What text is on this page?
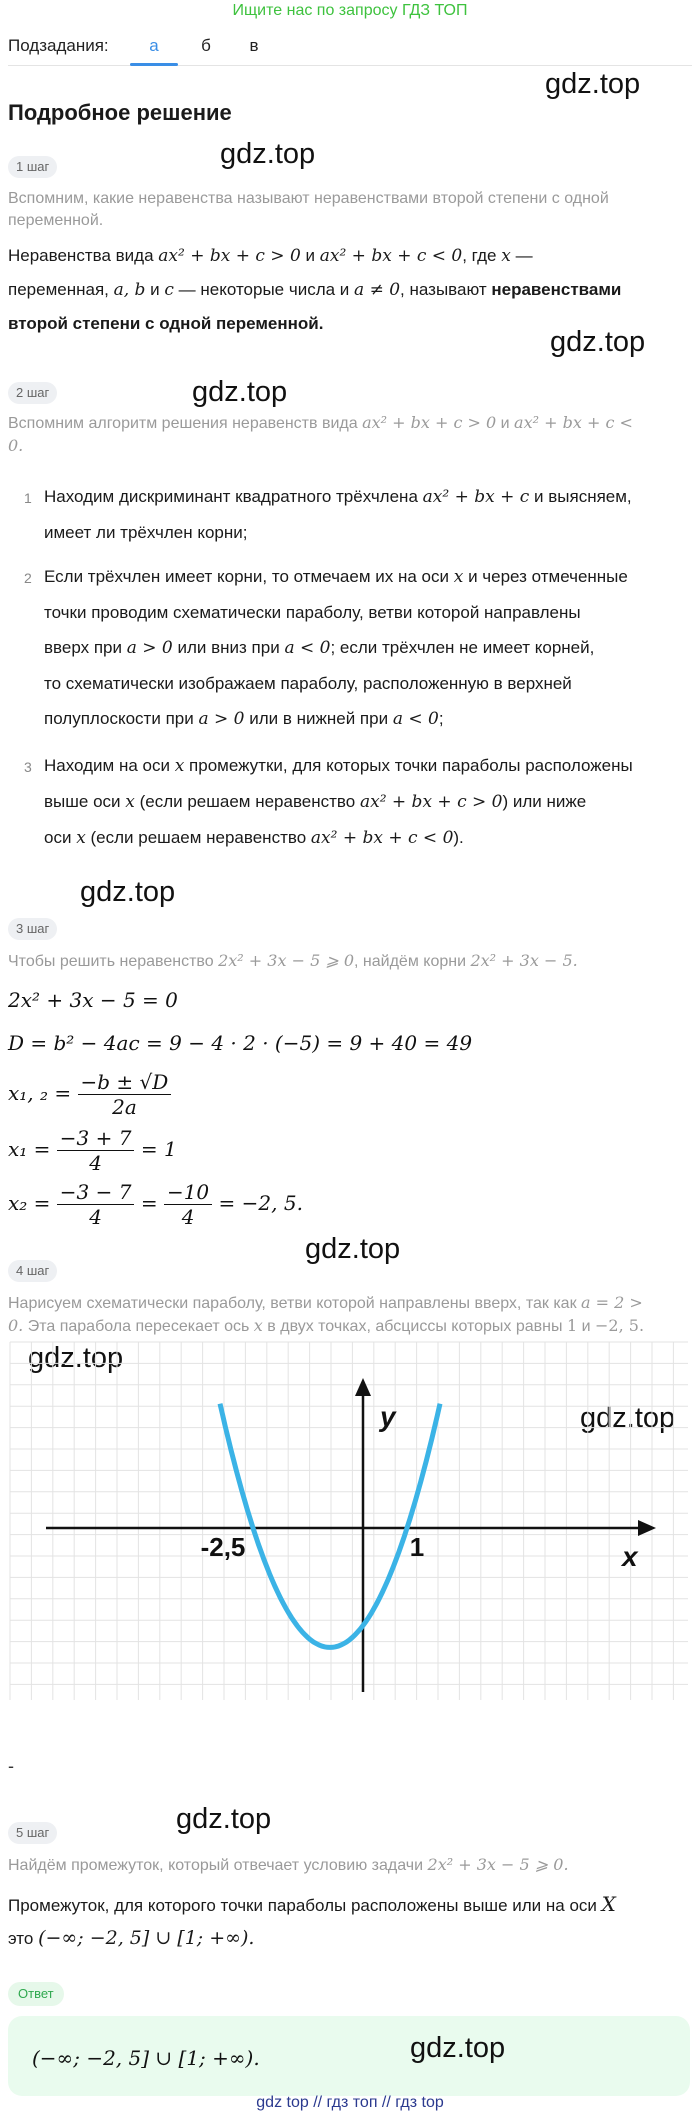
Ищите нас по запросу ГДЗ ТОП
Подзадания:	а	б	в
Подробное решение
gdz.top
gdz.top
gdz.top
gdz.top
gdz.top
gdz.top
gdz.top
gdz.top
gdz.top
1 шаг
Вспомним, какие неравенства называют неравенствами второй степени с одной переменной.
Неравенства вида ax² + bx + c > 0 и ax² + bx + c < 0, где x —
переменная, a, b и c — некоторые числа и a ≠ 0, называют неравенствами
второй степени с одной переменной.
2 шаг
Вспомним алгоритм решения неравенств вида ax² + bx + c > 0 и ax² + bx + c <
0.
1 Находим дискриминант квадратного трёхчлена ax² + bx + c и выясняем,
имеет ли трёхчлен корни;
2 Если трёхчлен имеет корни, то отмечаем их на оси x и через отмеченные
точки проводим схематически параболу, ветви которой направлены
вверх при a > 0 или вниз при a < 0; если трёхчлен не имеет корней,
то схематически изображаем параболу, расположенную в верхней
полуплоскости при a > 0 или в нижней при a < 0;
3 Находим на оси x промежутки, для которых точки параболы расположены
выше оси x (если решаем неравенство ax² + bx + c > 0) или ниже
оси x (если решаем неравенство ax² + bx + c < 0).
3 шаг
Чтобы решить неравенство 2x² + 3x − 5 ⩾ 0, найдём корни 2x² + 3x − 5.
2x² + 3x − 5 = 0
D = b² − 4ac = 9 − 4 · 2 · (−5) = 9 + 40 = 49
x₁, $_2 = \frac{-b \pm √D}{2a}$
$x_1 = \frac{-3 + 7}{4} = 1$
$x_2 = \frac{-3 - 7}{4} = \frac{-10}{4} = -2$, 5.
4 шаг
Нарисуем схематически параболу, ветви которой направлены вверх, так как a = 2 >
0. Эта парабола пересекает ось x в двух точках, абсциссы которых равны 1 и −2, 5.
-2,5	1	x
y
-
5 шаг
Найдём промежуток, который отвечает условию задачи 2x² + 3x − 5 ⩾ 0.
Промежуток, для которого точки параболы расположены выше или на оси X
это (−∞; −2, 5] ∪ [1; +∞).
Ответ
(−∞; −2, 5] ∪ [1; +∞).	gdz.top
gdz top // гдз топ // гдз top
